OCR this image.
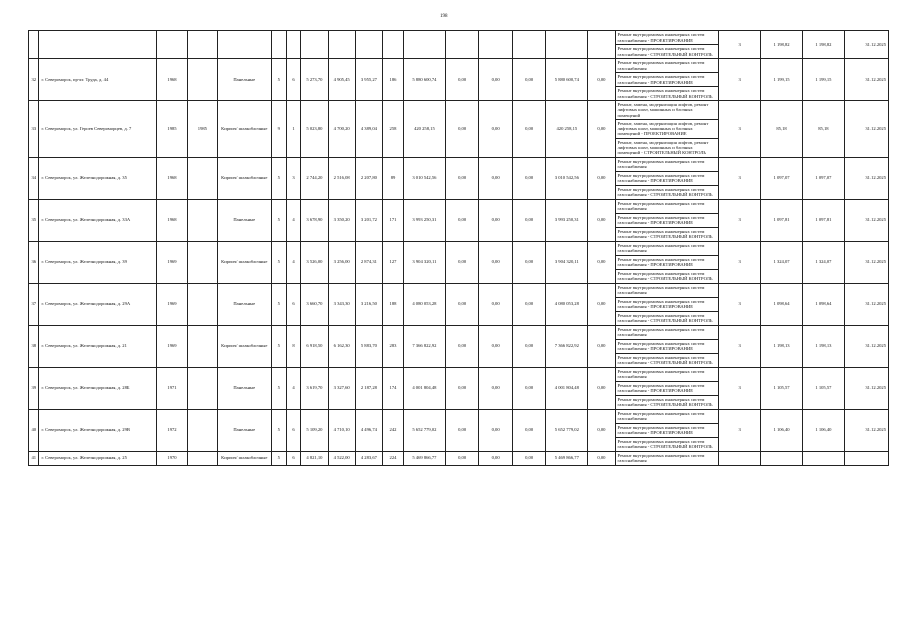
198
																	Ремонт внутридомовых инженерных систем газоснабжения - ПРОЕКТИРОВАНИЕ	3	1 198,82	1 198,82	31.12.2025
																	Ремонт внутридомовых инженерных систем газоснабжения - СТРОИТЕЛЬНЫЙ КОНТРОЛЬ				
32	г. Североморск, пр-кт. Труда, д. 44	1968		Панельные	5	6	5 273,70	4 905,45	3 955,27	186	5 880 600,74	0,00	0,00	0,00	5 880 600,74	0,00	Ремонт внутридомовых инженерных систем газоснабжения	3	1 199,15	1 199,15	31.12.2025
																	Ремонт внутридомовых инженерных систем газоснабжения - ПРОЕКТИРОВАНИЕ				
																	Ремонт внутридомовых инженерных систем газоснабжения - СТРОИТЕЛЬНЫЙ КОНТРОЛЬ				
33	г. Североморск, ул. Героев Североморцев, д. 7	1985	1985	Кирпич/ шлакоблочные	9	1	5 023,80	4 700,20	4 389,04	258	420 258,15	0,00	0,00	0,00	420 258,15	0,00	Ремонт, замена, модернизация лифтов, ремонт лифтовых шахт, машинных и блочных помещений	3	85,18	85,18	31.12.2025
																	Ремонт, замена, модернизация лифтов, ремонт лифтовых шахт, машинных и блочных помещений - ПРОЕКТИРОВАНИЕ				
																	Ремонт, замена, модернизация лифтов, ремонт лифтовых шахт, машинных и блочных помещений - СТРОИТЕЛЬНЫЙ КОНТРОЛЬ				
34	г. Североморск, ул. Железнодорожная, д. 35	1968		Кирпич/ шлакоблочные	5	3	2 744,20	2 516,08	2 207,80	89	3 010 542,56	0,00	0,00	0,00	3 010 542,56	0,00	Ремонт внутридомовых инженерных систем газоснабжения	3	1 097,07	1 097,07	31.12.2025
																	Ремонт внутридомовых инженерных систем газоснабжения - ПРОЕКТИРОВАНИЕ				
																	Ремонт внутридомовых инженерных систем газоснабжения - СТРОИТЕЛЬНЫЙ КОНТРОЛЬ				
35	г. Североморск, ул. Железнодорожная, д. 33А	1968		Панельные	5	4	3 678,90	3 350,20	3 201,72	171	3 993 250,31	0,00	0,00	0,00	3 993 250,31	0,00	Ремонт внутридомовых инженерных систем газоснабжения	3	1 097,81	1 097,81	31.12.2025
																	Ремонт внутридомовых инженерных систем газоснабжения - ПРОЕКТИРОВАНИЕ				
																	Ремонт внутридомовых инженерных систем газоснабжения - СТРОИТЕЛЬНЫЙ КОНТРОЛЬ				
36	г. Североморск, ул. Железнодорожная, д. 39	1969		Кирпич/ шлакоблочные	5	4	3 526,00	3 256,00	2 874,31	127	3 904 320,11	0,00	0,00	0,00	3 904 320,11	0,00	Ремонт внутридомовых инженерных систем газоснабжения	3	1 324,07	1 324,07	31.12.2025
																	Ремонт внутридомовых инженерных систем газоснабжения - ПРОЕКТИРОВАНИЕ				
																	Ремонт внутридомовых инженерных систем газоснабжения - СТРОИТЕЛЬНЫЙ КОНТРОЛЬ				
37	г. Североморск, ул. Железнодорожная, д. 29А	1969		Панельные	5	6	3 660,70	3 343,30	3 216,50	188	4 080 053,28	0,00	0,00	0,00	4 080 053,28	0,00	Ремонт внутридомовых инженерных систем газоснабжения	3	1 098,64	1 098,64	31.12.2025
																	Ремонт внутридомовых инженерных систем газоснабжения - ПРОЕКТИРОВАНИЕ				
																	Ремонт внутридомовых инженерных систем газоснабжения - СТРОИТЕЛЬНЫЙ КОНТРОЛЬ				
38	г. Североморск, ул. Железнодорожная, д. 21	1969		Кирпич/ шлакоблочные	5	8	6 918,50	6 162,30	5 883,70	283	7 366 822,92	0,00	0,00	0,00	7 366 822,92	0,00	Ремонт внутридомовых инженерных систем газоснабжения	3	1 198,13	1 198,13	31.12.2025
																	Ремонт внутридомовых инженерных систем газоснабжения - ПРОЕКТИРОВАНИЕ				
																	Ремонт внутридомовых инженерных систем газоснабжения - СТРОИТЕЛЬНЫЙ КОНТРОЛЬ				
39	г. Североморск, ул. Железнодорожная, д. 28Б	1971		Панельные	5	4	3 619,70	3 327,60	2 187,28	174	4 001 804,48	0,00	0,00	0,00	4 001 804,48	0,00	Ремонт внутридомовых инженерных систем газоснабжения	3	1 105,57	1 105,57	31.12.2025
																	Ремонт внутридомовых инженерных систем газоснабжения - ПРОЕКТИРОВАНИЕ				
																	Ремонт внутридомовых инженерных систем газоснабжения - СТРОИТЕЛЬНЫЙ КОНТРОЛЬ				
40	г. Североморск, ул. Железнодорожная, д. 29В	1972		Панельные	5	6	5 109,20	4 710,10	4 496,74	242	5 652 779,02	0,00	0,00	0,00	5 652 779,02	0,00	Ремонт внутридомовых инженерных систем газоснабжения	3	1 106,40	1 106,40	31.12.2025
																	Ремонт внутридомовых инженерных систем газоснабжения - ПРОЕКТИРОВАНИЕ				
																	Ремонт внутридомовых инженерных систем газоснабжения - СТРОИТЕЛЬНЫЙ КОНТРОЛЬ				
41	г. Североморск, ул. Железнодорожная, д. 25	1970		Кирпич/ шлакоблочные	5	6	4 821,10	4 522,00	4 283,67	224	5 469 866,77	0,00	0,00	0,00	5 469 866,77	0,00	Ремонт внутридомовых инженерных систем газоснабжения				
